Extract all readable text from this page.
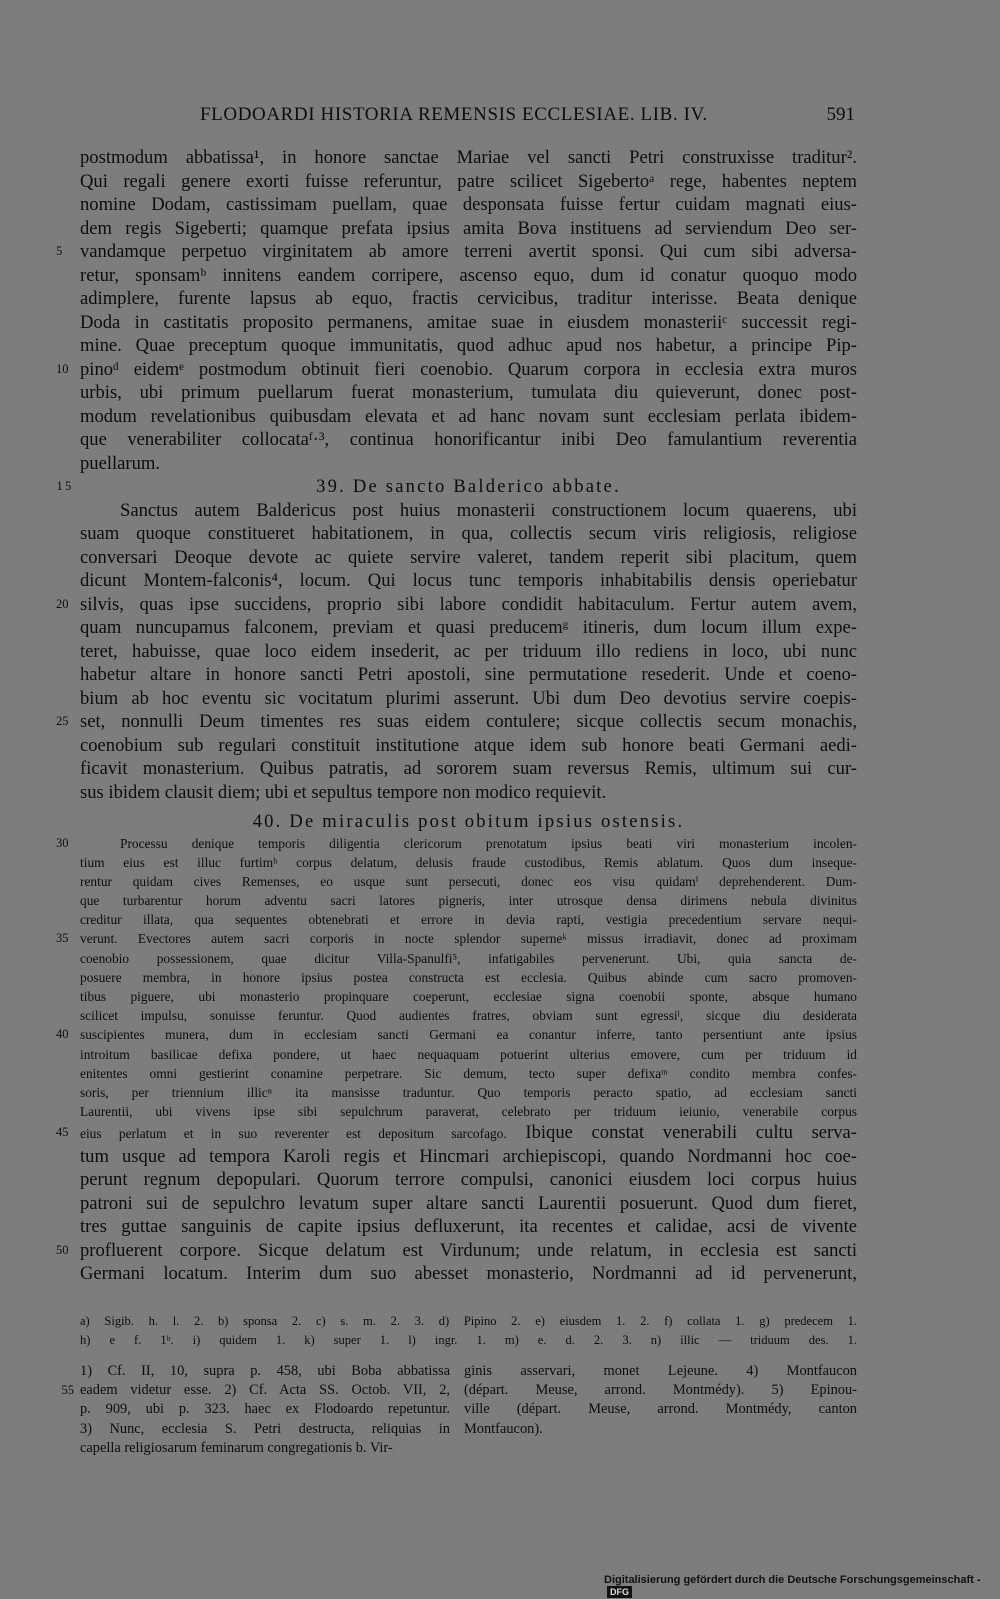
FLODOARDI HISTORIA REMENSIS ECCLESIAE. LIB. IV.	591
postmodum abbatissa¹, in honore sanctae Mariae vel sancti Petri construxisse traditur².
Qui regali genere exorti fuisse referuntur, patre scilicet Sigebertoᵃ rege, habentes neptem
nomine Dodam, castissimam puellam, quae desponsata fuisse fertur cuidam magnati eius-
dem regis Sigeberti; quamque prefata ipsius amita Bova instituens ad serviendum Deo ser-
vandamque perpetuo virginitatem ab amore terreni avertit sponsi. Qui cum sibi adversa-
5
retur, sponsamᵇ innitens eandem corripere, ascenso equo, dum id conatur quoquo modo
adimplere, furente lapsus ab equo, fractis cervicibus, traditur interisse. Beata denique
Doda in castitatis proposito permanens, amitae suae in eiusdem monasteriiᶜ successit regi-
mine. Quae preceptum quoque immunitatis, quod adhuc apud nos habetur, a principe Pip-
pinoᵈ eidemᵉ postmodum obtinuit fieri coenobio. Quarum corpora in ecclesia extra muros
10
urbis, ubi primum puellarum fuerat monasterium, tumulata diu quieverunt, donec post-
modum revelationibus quibusdam elevata et ad hanc novam sunt ecclesiam perlata ibidem-
que venerabiliter collocataᶠ·³, continua honorificantur inibi Deo famulantium reverentia
puellarum.
39. De sancto Balderico abbate.
15
Sanctus autem Baldericus post huius monasterii constructionem locum quaerens, ubi
suam quoque constitueret habitationem, in qua, collectis secum viris religiosis, religiose
conversari Deoque devote ac quiete servire valeret, tandem reperit sibi placitum, quem
dicunt Montem-falconis⁴, locum. Qui locus tunc temporis inhabitabilis densis operiebatur
silvis, quas ipse succidens, proprio sibi labore condidit habitaculum. Fertur autem avem,
20
quam nuncupamus falconem, previam et quasi preducemᵍ itineris, dum locum illum expe-
teret, habuisse, quae loco eidem insederit, ac per triduum illo rediens in loco, ubi nunc
habetur altare in honore sancti Petri apostoli, sine permutatione resederit. Unde et coeno-
bium ab hoc eventu sic vocitatum plurimi asserunt. Ubi dum Deo devotius servire coepis-
set, nonnulli Deum timentes res suas eidem contulere; sicque collectis secum monachis,
25
coenobium sub regulari constituit institutione atque idem sub honore beati Germani aedi-
ficavit monasterium. Quibus patratis, ad sororem suam reversus Remis, ultimum sui cur-
sus ibidem clausit diem; ubi et sepultus tempore non modico requievit.
40. De miraculis post obitum ipsius ostensis.
Processu denique temporis diligentia clericorum prenotatum ipsius beati viri monasterium incolen-
30
tium eius est illuc furtimʰ corpus delatum, delusis fraude custodibus, Remis ablatum. Quos dum insequе-
rentur quidam cives Remenses, eo usque sunt persecuti, donec eos visu quidamⁱ deprehenderent. Dum-
que turbarentur horum adventu sacri latores pigneris, inter utrosque densa dirimens nebula divinitus
creditur illata, qua sequentes obtenebrati et errore in devia rapti, vestigia precedentium servare nequi-
verunt. Evectores autem sacri corporis in nocte splendor supernеᵏ missus irradiavit, donec ad proximam
35
coenobio possessionem, quae dicitur Villa-Spanulfi⁵, infatigabiles pervenerunt. Ubi, quia sancta de-
posuere membra, in honore ipsius postea constructa est ecclesia. Quibus abinde cum sacro promoven-
tibus piguere, ubi monasterio propinquare coeperunt, ecclesiae signa coenobii sponte, absque humano
scilicet impulsu, sonuisse feruntur. Quod audientes fratres, obviam sunt egressiˡ, sicque diu desiderata
suscipientes munera, dum in ecclesiam sancti Germani ea conantur inferre, tanto persentiunt ante ipsius
40
introitum basilicae defixa pondere, ut haec nequaquam potuerint ulterius emovere, cum per triduum id
enitentes omni gestierint conamine perpetrare. Sic demum, tecto super defixaᵐ condito membra confes-
soris, per triennium illicⁿ ita mansisse traduntur. Quo temporis peracto spatio, ad ecclesiam sancti
Laurentii, ubi vivens ipse sibi sepulchrum paraverat, celebrato per triduum ieiunio, venerabile corpus
eius perlatum et in suo reverenter est depositum sarcofago. Ibique constat venerabili cultu serva-
45
tum usque ad tempora Karoli regis et Hincmari archiepiscopi, quando Nordmanni hoc coe-
perunt regnum depopulari. Quorum terrore compulsi, canonici eiusdem loci corpus huius
patroni sui de sepulchro levatum super altare sancti Laurentii posuerunt. Quod dum fieret,
tres guttae sanguinis de capite ipsius defluxerunt, ita recentes et calidae, acsi de vivente
profluerent corpore. Sicque delatum est Virdunum; unde relatum, in ecclesia est sancti
50
Germani locatum. Interim dum suo abesset monasterio, Nordmanni ad id pervenerunt,
a) Sigib. h. l. 2. b) sponsa 2. c) s. m. 2. 3. d) Pipino 2. e) eiusdem 1. 2. f) collata 1. g) predecem 1.
h) e f. 1ᵇ. i) quidem 1. k) super 1. l) ingr. 1. m) e. d. 2. 3. n) illic — triduum des. 1.
1) Cf. II, 10, supra p. 458, ubi Boba abbatissa ginis asservari, monet Lejeune. 4) Montfaucon
eadem videtur esse. 2) Cf. Acta SS. Octob. VII, 2,
55	(départ. Meuse, arrond. Montmédy). 5) Epinou-
p. 909, ubi p. 323. haec ex Flodoardo repetuntur. ville (départ. Meuse, arrond. Montmédy, canton
3) Nunc, ecclesia S. Petri destructa, reliquias in Montfaucon).
capella religiosarum feminarum congregationis b. Vir-
Digitalisierung gefördert durch die Deutsche Forschungsgemeinschaft -DFG
